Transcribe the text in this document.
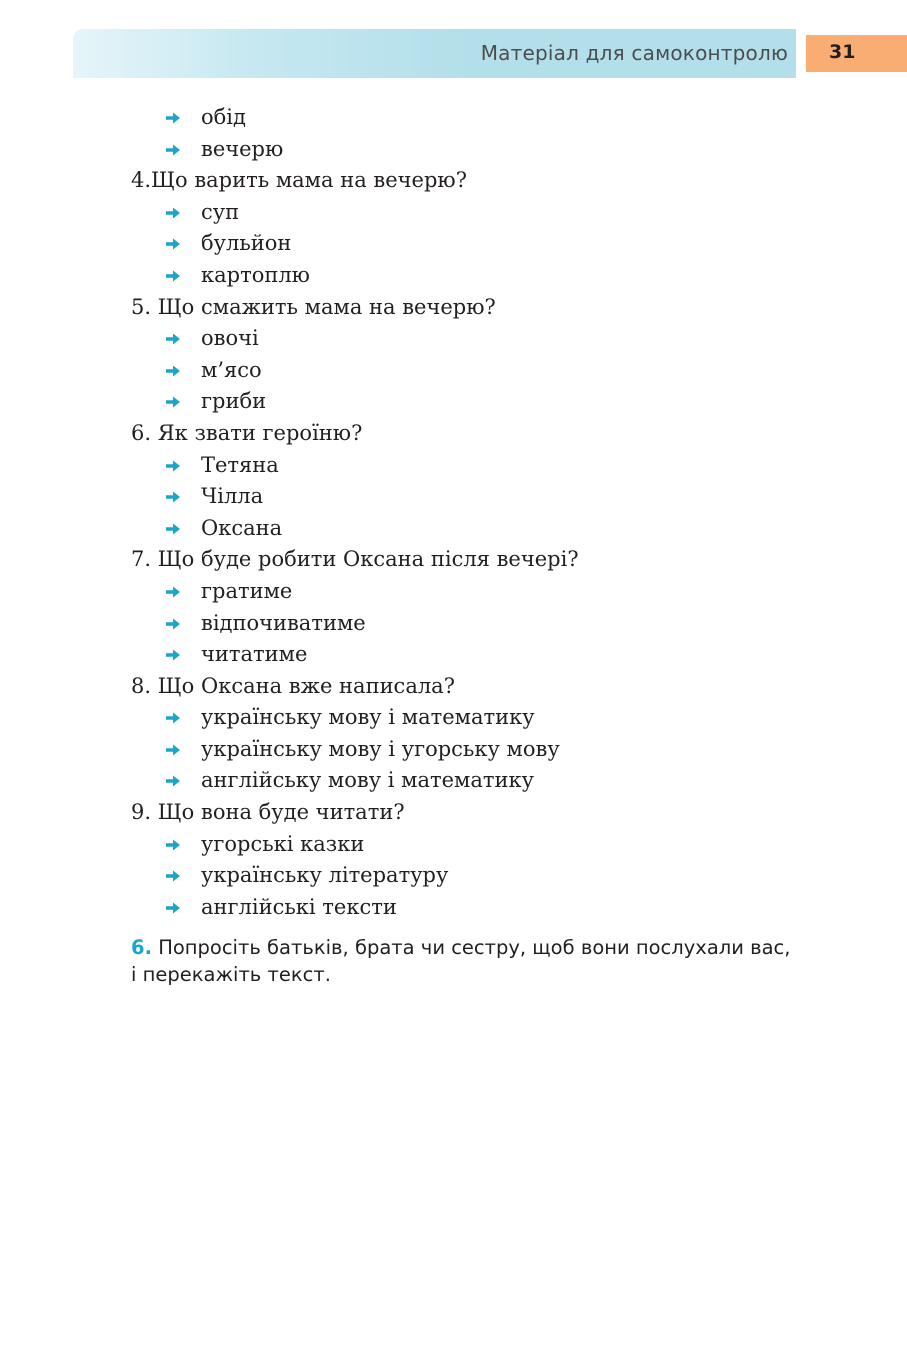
Матеріал для самоконтролю 31
обід
вечерю
4.Що варить мама на вечерю?
суп
бульйон
картоплю
5. Що смажить мама на вечерю?
овочі
м’ясо
гриби
6. Як звати героїню?
Тетяна
Чілла
Оксана
7. Що буде робити Оксана після вечері?
гратиме
відпочиватиме
читатиме
8. Що Оксана вже написала?
українську мову і математику
українську мову і угорську мову
англійську мову і математику
9. Що вона буде читати?
угорські казки
українську літературу
англійські тексти
6. Попросіть батьків, брата чи сестру, щоб вони послухали вас,
і перекажіть текст.
